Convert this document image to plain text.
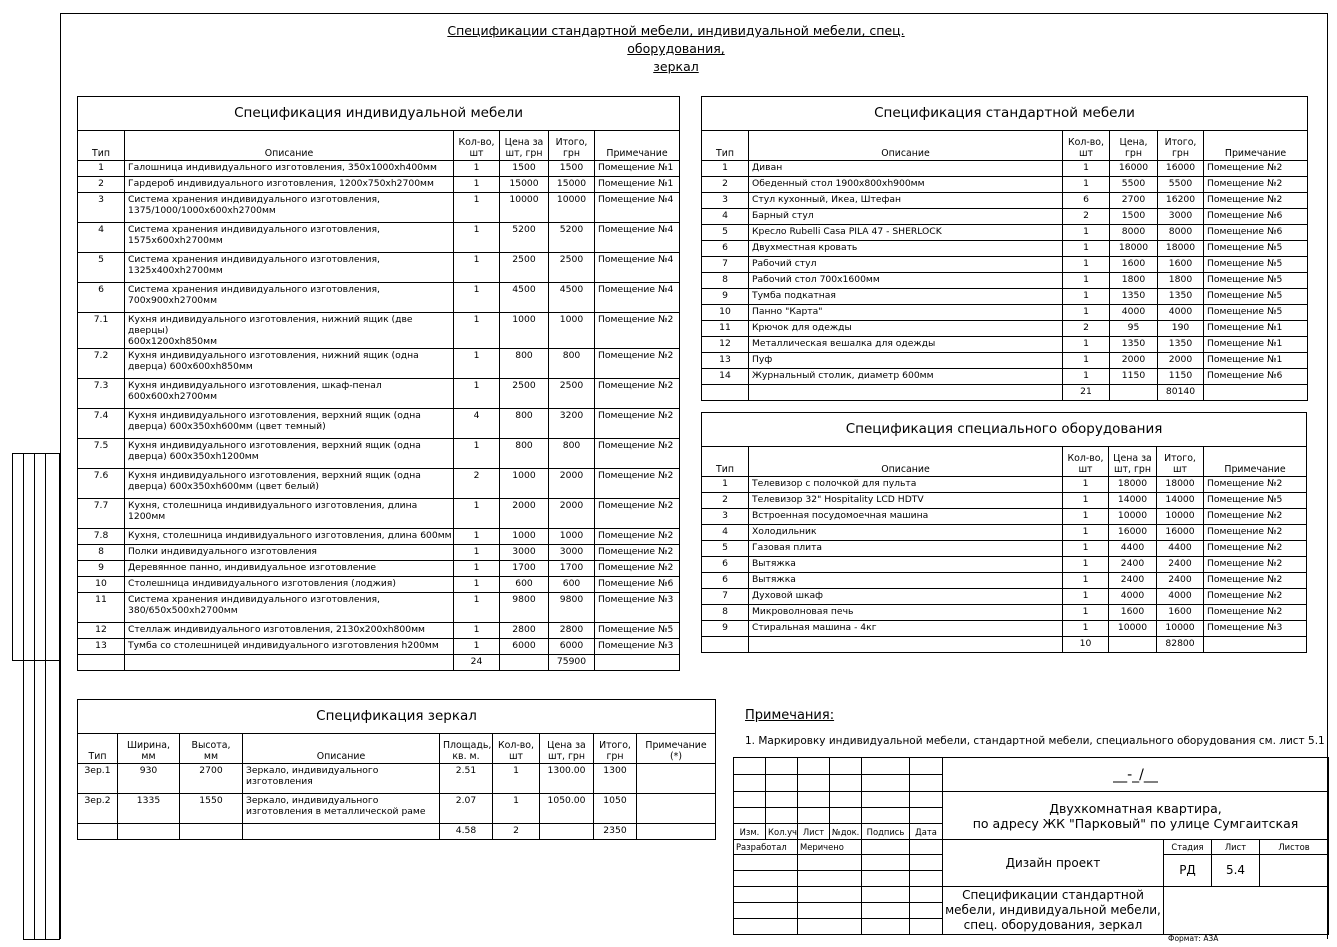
Спецификации стандартной мебели, индивидуальной мебели, спец. оборудования,
зеркал
Спецификация индивидуальной мебели					
Тип	Описание	Кол-во, шт	Цена за шт, грн	Итого, грн	Примечание
1	Галошница индивидуального изготовления, 350x1000xh400мм	1	1500	1500	Помещение №1
2	Гардероб индивидуального изготовления, 1200x750xh2700мм	1	15000	15000	Помещение №1
3	Система хранения индивидуального изготовления,
1375/1000/1000x600xh2700мм	1	10000	10000	Помещение №4
4	Система хранения индивидуального изготовления,
1575x600xh2700мм	1	5200	5200	Помещение №4
5	Система хранения индивидуального изготовления,
1325x400xh2700мм	1	2500	2500	Помещение №4
6	Система хранения индивидуального изготовления,
700x900xh2700мм	1	4500	4500	Помещение №4
7.1	Кухня индивидуального изготовления, нижний ящик (две дверцы)
600x1200xh850мм	1	1000	1000	Помещение №2
7.2	Кухня индивидуального изготовления, нижний ящик (одна
дверца) 600x600xh850мм	1	800	800	Помещение №2
7.3	Кухня индивидуального изготовления, шкаф-пенал
600x600xh2700мм	1	2500	2500	Помещение №2
7.4	Кухня индивидуального изготовления, верхний ящик (одна
дверца) 600x350xh600мм (цвет темный)	4	800	3200	Помещение №2
7.5	Кухня индивидуального изготовления, верхний ящик (одна
дверца) 600x350xh1200мм	1	800	800	Помещение №2
7.6	Кухня индивидуального изготовления, верхний ящик (одна
дверца) 600x350xh600мм (цвет белый)	2	1000	2000	Помещение №2
7.7	Кухня, столешница индивидуального изготовления, длина
1200мм	1	2000	2000	Помещение №2
7.8	Кухня, столешница индивидуального изготовления, длина 600мм	1	1000	1000	Помещение №2
8	Полки индивидуального изготовления	1	3000	3000	Помещение №2
9	Деревянное панно, индивидуальное изготовление	1	1700	1700	Помещение №2
10	Столешница индивидуального изготовления (лоджия)	1	600	600	Помещение №6
11	Система хранения индивидуального изготовления,
380/650x500xh2700мм	1	9800	9800	Помещение №3
12	Стеллаж индивидуального изготовления, 2130x200xh800мм	1	2800	2800	Помещение №5
13	Тумба со столешницей индивидуального изготовления h200мм	1	6000	6000	Помещение №3
		24		75900	
Спецификация стандартной мебели					
Тип	Описание	Кол-во, шт	Цена, грн	Итого, грн	Примечание
1	Диван	1	16000	16000	Помещение №2
2	Обеденный стол 1900x800xh900мм	1	5500	5500	Помещение №2
3	Стул кухонный, Икеа, Штефан	6	2700	16200	Помещение №2
4	Барный стул	2	1500	3000	Помещение №6
5	Кресло Rubelli Casa PILA 47 - SHERLOCK	1	8000	8000	Помещение №6
6	Двухместная кровать	1	18000	18000	Помещение №5
7	Рабочий стул	1	1600	1600	Помещение №5
8	Рабочий стол 700x1600мм	1	1800	1800	Помещение №5
9	Тумба подкатная	1	1350	1350	Помещение №5
10	Панно "Карта"	1	4000	4000	Помещение №5
11	Крючок для одежды	2	95	190	Помещение №1
12	Металлическая вешалка для одежды	1	1350	1350	Помещение №1
13	Пуф	1	2000	2000	Помещение №1
14	Журнальный столик, диаметр 600мм	1	1150	1150	Помещение №6
		21		80140	
Спецификация специального оборудования					
Тип	Описание	Кол-во, шт	Цена за шт, грн	Итого, шт	Примечание
1	Телевизор с полочкой для пульта	1	18000	18000	Помещение №2
2	Телевизор 32" Hospitality LCD HDTV	1	14000	14000	Помещение №5
3	Встроенная посудомоечная машина	1	10000	10000	Помещение №2
4	Холодильник	1	16000	16000	Помещение №2
5	Газовая плита	1	4400	4400	Помещение №2
6	Вытяжка	1	2400	2400	Помещение №2
6	Вытяжка	1	2400	2400	Помещение №2
7	Духовой шкаф	1	4000	4000	Помещение №2
8	Микроволновая печь	1	1600	1600	Помещение №2
9	Стиральная машина - 4кг	1	10000	10000	Помещение №3
		10		82800	
Спецификация зеркал								
Тип	Ширина, мм	Высота, мм	Описание	Площадь, кв. м.	Кол-во, шт	Цена за шт, грн	Итого, грн	Примечание (*)
Зер.1	930	2700	Зеркало, индивидуального
изготовления	2.51	1	1300.00	1300	
Зер.2	1335	1550	Зеркало, индивидуального
изготовления в металлической раме	2.07	1	1050.00	1050	
				4.58	2		2350	
Примечания:
1. Маркировку индивидуальной мебели, стандартной мебели, специального оборудования см. лист 5.1
						__-_/__			

						Двухкомнатная квартира,
по адресу ЖК "Парковый" по улице Сумгаитская			

Изм.	Кол.уч	Лист	№док.	Подпись	Дата				
Разработал		Меричено				Дизайн проект	Стадия	Лист	Листов
							РД	5.4	

						Спецификации стандартной
мебели, индивидуальной мебели,
спец. оборудования, зеркал			

Формат: А3А
